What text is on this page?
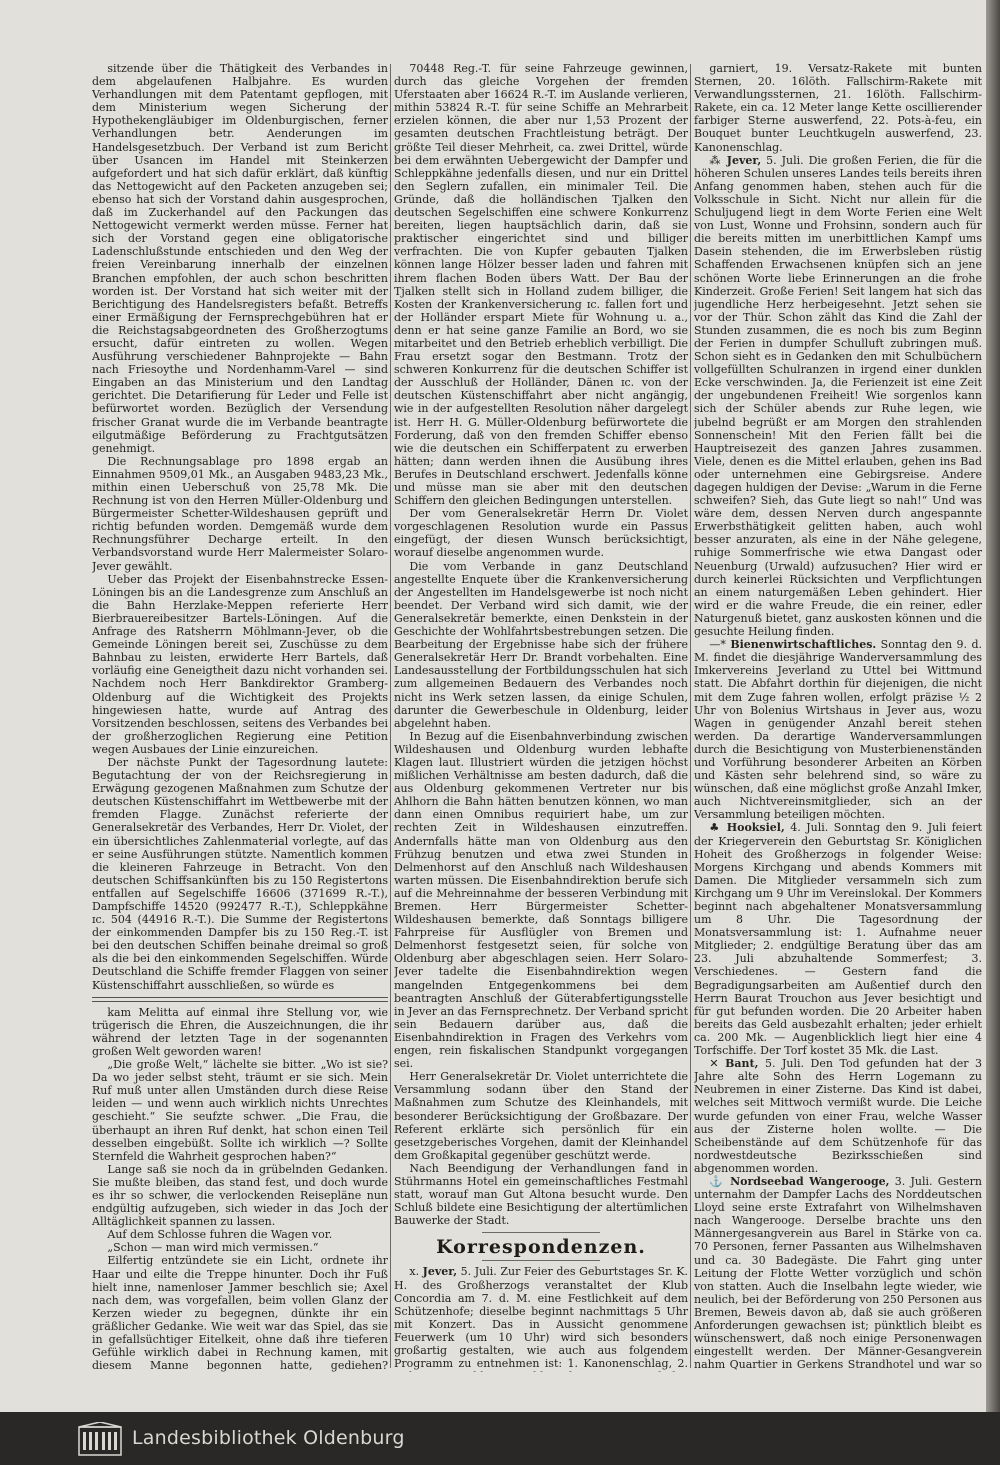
sitzende über die Thätigkeit des Verbandes in dem abgelaufenen Halbjahre. Es wurden Verhandlungen mit dem Patentamt gepflogen, mit dem Ministerium wegen Sicherung der Hypothekengläubiger im Oldenburgischen, ferner Verhandlungen betr. Aenderungen im Handelsgesetzbuch. Der Verband ist zum Bericht über Usancen im Handel mit Steinkerzen aufgefordert und hat sich dafür erklärt, daß künftig das Nettogewicht auf den Packeten anzugeben sei; ebenso hat sich der Vorstand dahin ausgesprochen, daß im Zuckerhandel auf den Packungen das Nettogewicht vermerkt werden müsse. Ferner hat sich der Vorstand gegen eine obligatorische Ladenschlußstunde entschieden und den Weg der freien Vereinbarung innerhalb der einzelnen Branchen empfohlen, der auch schon beschritten worden ist. Der Vorstand hat sich weiter mit der Berichtigung des Handelsregisters befaßt. Betreffs einer Ermäßigung der Fernsprechgebühren hat er die Reichstagsabgeordneten des Großherzogtums ersucht, dafür eintreten zu wollen. Wegen Ausführung verschiedener Bahnprojekte — Bahn nach Friesoythe und Nordenhamm-Varel — sind Eingaben an das Ministerium und den Landtag gerichtet. Die Detarifierung für Leder und Felle ist befürwortet worden. Bezüglich der Versendung frischer Granat wurde die im Verbande beantragte eilgutmäßige Beförderung zu Frachtgutsätzen genehmigt.

Die Rechnungsablage pro 1898 ergab an Einnahmen 9509,01 Mk., an Ausgaben 9483,23 Mk., mithin einen Ueberschuß von 25,78 Mk. Die Rechnung ist von den Herren Müller-Oldenburg und Bürgermeister Schetter-Wildeshausen geprüft und richtig befunden worden. Demgemäß wurde dem Rechnungsführer Decharge erteilt. In den Verbandsvorstand wurde Herr Malermeister Solaro-Jever gewählt.

Ueber das Projekt der Eisenbahnstrecke Essen-Löningen bis an die Landesgrenze zum Anschluß an die Bahn Herzlake-Meppen referierte Herr Bierbrauereibesitzer Bartels-Löningen. Auf die Anfrage des Ratsherrn Möhlmann-Jever, ob die Gemeinde Löningen bereit sei, Zuschüsse zu dem Bahnbau zu leisten, erwiderte Herr Bartels, daß vorläufig eine Geneigtheit dazu nicht vorhanden sei. Nachdem noch Herr Bankdirektor Gramberg-Oldenburg auf die Wichtigkeit des Projekts hingewiesen hatte, wurde auf Antrag des Vorsitzenden beschlossen, seitens des Verbandes bei der großherzoglichen Regierung eine Petition wegen Ausbaues der Linie einzureichen.

Der nächste Punkt der Tagesordnung lautete: Begutachtung der von der Reichsregierung in Erwägung gezogenen Maßnahmen zum Schutze der deutschen Küstenschiffahrt im Wettbewerbe mit der fremden Flagge. Zunächst referierte der Generalsekretär des Verbandes, Herr Dr. Violet, der ein übersichtliches Zahlenmaterial vorlegte, auf das er seine Ausführungen stützte. Namentlich kommen die kleineren Fahrzeuge in Betracht. Von den deutschen Schiffsankünften bis zu 150 Registertons entfallen auf Segelschiffe 16606 (371699 R.-T.), Dampfschiffe 14520 (992477 R.-T.), Schleppkähne ɪc. 504 (44916 R.-T.). Die Summe der Registertons der einkommenden Dampfer bis zu 150 Reg.-T. ist bei den deutschen Schiffen beinahe dreimal so groß als die bei den einkommenden Segelschiffen. Würde Deutschland die Schiffe fremder Flaggen von seiner Küstenschiffahrt ausschließen, so würde es

kam Melitta auf einmal ihre Stellung vor, wie trügerisch die Ehren, die Auszeichnungen, die ihr während der letzten Tage in der sogenannten großen Welt geworden waren!

„Die große Welt,“ lächelte sie bitter. „Wo ist sie? Da wo jeder selbst steht, träumt er sie sich. Mein Ruf muß unter allen Umständen durch diese Reise leiden — und wenn auch wirklich nichts Unrechtes geschieht.“ Sie seufzte schwer. „Die Frau, die überhaupt an ihren Ruf denkt, hat schon einen Teil desselben eingebüßt. Sollte ich wirklich —? Sollte Sternfeld die Wahrheit gesprochen haben?“

Lange saß sie noch da in grübelnden Gedanken. Sie mußte bleiben, das stand fest, und doch wurde es ihr so schwer, die verlockenden Reisepläne nun endgültig aufzugeben, sich wieder in das Joch der Alltäglichkeit spannen zu lassen.

Auf dem Schlosse fuhren die Wagen vor.

„Schon — man wird mich vermissen.“

Eilfertig entzündete sie ein Licht, ordnete ihr Haar und eilte die Treppe hinunter. Doch ihr Fuß hielt inne, namenloser Jammer beschlich sie; Axel nach dem, was vorgefallen, beim vollen Glanz der Kerzen wieder zu begegnen, dünkte ihr ein gräßlicher Gedanke. Wie weit war das Spiel, das sie in gefallsüchtiger Eitelkeit, ohne daß ihre tieferen Gefühle wirklich dabei in Rechnung kamen, mit diesem Manne begonnen hatte, gediehen?

70448 Reg.-T. für seine Fahrzeuge gewinnen, durch das gleiche Vorgehen der fremden Uferstaaten aber 16624 R.-T. im Auslande verlieren, mithin 53824 R.-T. für seine Schiffe an Mehrarbeit erzielen können, die aber nur 1,53 Prozent der gesamten deutschen Frachtleistung beträgt. Der größte Teil dieser Mehrheit, ca. zwei Drittel, würde bei dem erwähnten Uebergewicht der Dampfer und Schleppkähne jedenfalls diesen, und nur ein Drittel den Seglern zufallen, ein minimaler Teil. Die Gründe, daß die holländischen Tjalken den deutschen Segelschiffen eine schwere Konkurrenz bereiten, liegen hauptsächlich darin, daß sie praktischer eingerichtet sind und billiger verfrachten. Die von Kupfer gebauten Tjalken können lange Hölzer besser laden und fahren mit ihrem flachen Boden übers Watt. Der Bau der Tjalken stellt sich in Holland zudem billiger, die Kosten der Krankenversicherung ɪc. fallen fort und der Holländer erspart Miete für Wohnung u. a., denn er hat seine ganze Familie an Bord, wo sie mitarbeitet und den Betrieb erheblich verbilligt. Die Frau ersetzt sogar den Bestmann. Trotz der schweren Konkurrenz für die deutschen Schiffer ist der Ausschluß der Holländer, Dänen ɪc. von der deutschen Küstenschiffahrt aber nicht angängig, wie in der aufgestellten Resolution näher dargelegt ist. Herr H. G. Müller-Oldenburg befürwortete die Forderung, daß von den fremden Schiffer ebenso wie die deutschen ein Schifferpatent zu erwerben hätten; dann werden ihnen die Ausübung ihres Berufes in Deutschland erschwert. Jedenfalls könne und müsse man sie aber mit den deutschen Schiffern den gleichen Bedingungen unterstellen.

Der vom Generalsekretär Herrn Dr. Violet vorgeschlagenen Resolution wurde ein Passus eingefügt, der diesen Wunsch berücksichtigt, worauf dieselbe angenommen wurde.

Die vom Verbande in ganz Deutschland angestellte Enquete über die Krankenversicherung der Angestellten im Handelsgewerbe ist noch nicht beendet. Der Verband wird sich damit, wie der Generalsekretär bemerkte, einen Denkstein in der Geschichte der Wohlfahrtsbestrebungen setzen. Die Bearbeitung der Ergebnisse habe sich der frühere Generalsekretär Herr Dr. Brandt vorbehalten. Eine Landesausstellung der Fortbildungsschulen hat sich zum allgemeinen Bedauern des Verbandes noch nicht ins Werk setzen lassen, da einige Schulen, darunter die Gewerbeschule in Oldenburg, leider abgelehnt haben.

In Bezug auf die Eisenbahnverbindung zwischen Wildeshausen und Oldenburg wurden lebhafte Klagen laut. Illustriert würden die jetzigen höchst mißlichen Verhältnisse am besten dadurch, daß die aus Oldenburg gekommenen Vertreter nur bis Ahlhorn die Bahn hätten benutzen können, wo man dann einen Omnibus requiriert habe, um zur rechten Zeit in Wildeshausen einzutreffen. Andernfalls hätte man von Oldenburg aus den Frühzug benutzen und etwa zwei Stunden in Delmenhorst auf den Anschluß nach Wildeshausen warten müssen. Die Eisenbahndirektion berufe sich auf die Mehreinnahme der besseren Verbindung mit Bremen. Herr Bürgermeister Schetter-Wildeshausen bemerkte, daß Sonntags billigere Fahrpreise für Ausflügler von Bremen und Delmenhorst festgesetzt seien, für solche von Oldenburg aber abgeschlagen seien. Herr Solaro-Jever tadelte die Eisenbahndirektion wegen mangelnden Entgegenkommens bei dem beantragten Anschluß der Güterabfertigungsstelle in Jever an das Fernsprechnetz. Der Verband spricht sein Bedauern darüber aus, daß die Eisenbahndirektion in Fragen des Verkehrs vom engen, rein fiskalischen Standpunkt vorgegangen sei.

Herr Generalsekretär Dr. Violet unterrichtete die Versammlung sodann über den Stand der Maßnahmen zum Schutze des Kleinhandels, mit besonderer Berücksichtigung der Großbazare. Der Referent erklärte sich persönlich für ein gesetzgeberisches Vorgehen, damit der Kleinhandel dem Großkapital gegenüber geschützt werde.

Nach Beendigung der Verhandlungen fand in Stührmanns Hotel ein gemeinschaftliches Festmahl statt, worauf man Gut Altona besucht wurde. Den Schluß bildete eine Besichtigung der altertümlichen Bauwerke der Stadt.

Korrespondenzen.

x. Jever, 5. Juli. Zur Feier des Geburtstages Sr. K. H. des Großherzogs veranstaltet der Klub Concordia am 7. d. M. eine Festlichkeit auf dem Schützenhofe; dieselbe beginnt nachmittags 5 Uhr mit Konzert. Das in Aussicht genommene Feuerwerk (um 10 Uhr) wird sich besonders großartig gestalten, wie auch aus folgendem Programm zu entnehmen ist: 1. Kanonenschlag, 2.

garniert, 19. Versatz-Rakete mit bunten Sternen, 20. 16löth. Fallschirm-Rakete mit Verwandlungssternen, 21. 16löth. Fallschirm-Rakete, ein ca. 12 Meter lange Kette oscillierender farbiger Sterne auswerfend, 22. Pots-à-feu, ein Bouquet bunter Leuchtkugeln auswerfend, 23. Kanonenschlag.

⁂ Jever, 5. Juli. Die großen Ferien, die für die höheren Schulen unseres Landes teils bereits ihren Anfang genommen haben, stehen auch für die Volksschule in Sicht. Nicht nur allein für die Schuljugend liegt in dem Worte Ferien eine Welt von Lust, Wonne und Frohsinn, sondern auch für die bereits mitten im unerbittlichen Kampf ums Dasein stehenden, die im Erwerbsleben rüstig Schaffenden Erwachsenen knüpfen sich an jene schönen Worte liebe Erinnerungen an die frohe Kinderzeit. Große Ferien! Seit langem hat sich das jugendliche Herz herbeigesehnt. Jetzt sehen sie vor der Thür. Schon zählt das Kind die Zahl der Stunden zusammen, die es noch bis zum Beginn der Ferien in dumpfer Schulluft zubringen muß. Schon sieht es in Gedanken den mit Schulbüchern vollgefüllten Schulranzen in irgend einer dunklen Ecke verschwinden. Ja, die Ferienzeit ist eine Zeit der ungebundenen Freiheit! Wie sorgenlos kann sich der Schüler abends zur Ruhe legen, wie jubelnd begrüßt er am Morgen den strahlenden Sonnenschein! Mit den Ferien fällt bei die Hauptreisezeit des ganzen Jahres zusammen. Viele, denen es die Mittel erlauben, gehen ins Bad oder unternehmen eine Gebirgsreise. Andere dagegen huldigen der Devise: „Warum in die Ferne schweifen? Sieh, das Gute liegt so nah!“ Und was wäre dem, dessen Nerven durch angespannte Erwerbsthätigkeit gelitten haben, auch wohl besser anzuraten, als eine in der Nähe gelegene, ruhige Sommerfrische wie etwa Dangast oder Neuenburg (Urwald) aufzusuchen? Hier wird er durch keinerlei Rücksichten und Verpflichtungen an einem naturgemäßen Leben gehindert. Hier wird er die wahre Freude, die ein reiner, edler Naturgenuß bietet, ganz auskosten können und die gesuchte Heilung finden.

—* Bienenwirtschaftliches. Sonntag den 9. d. M. findet die diesjährige Wanderversammlung des Imkervereins Jeverland zu Uttel bei Wittmund statt. Die Abfahrt dorthin für diejenigen, die nicht mit dem Zuge fahren wollen, erfolgt präzise ½ 2 Uhr von Bolenius Wirtshaus in Jever aus, wozu Wagen in genügender Anzahl bereit stehen werden. Da derartige Wanderversammlungen durch die Besichtigung von Musterbienenständen und Vorführung besonderer Arbeiten an Körben und Kästen sehr belehrend sind, so wäre zu wünschen, daß eine möglichst große Anzahl Imker, auch Nichtvereinsmitglieder, sich an der Versammlung beteiligen möchten.

♣ Hooksiel, 4. Juli. Sonntag den 9. Juli feiert der Kriegerverein den Geburtstag Sr. Königlichen Hoheit des Großherzogs in folgender Weise: Morgens Kirchgang und abends Kommers mit Damen. Die Mitglieder versammeln sich zum Kirchgang um 9 Uhr im Vereinslokal. Der Kommers beginnt nach abgehaltener Monatsversammlung um 8 Uhr. Die Tagesordnung der Monatsversammlung ist: 1. Aufnahme neuer Mitglieder; 2. endgültige Beratung über das am 23. Juli abzuhaltende Sommerfest; 3. Verschiedenes. — Gestern fand die Begradigungsarbeiten am Außentief durch den Herrn Baurat Trouchon aus Jever besichtigt und für gut befunden worden. Die 20 Arbeiter haben bereits das Geld ausbezahlt erhalten; jeder erhielt ca. 200 Mk. — Augenblicklich liegt hier eine 4 Torfschiffe. Der Torf kostet 35 Mk. die Last.

✕ Bant, 5. Juli. Den Tod gefunden hat der 3 Jahre alte Sohn des Herrn Logemann zu Neubremen in einer Zisterne. Das Kind ist dabei, welches seit Mittwoch vermißt wurde. Die Leiche wurde gefunden von einer Frau, welche Wasser aus der Zisterne holen wollte. — Die Scheibenstände auf dem Schützenhofe für das nordwestdeutsche Bezirksschießen sind abgenommen worden.

⚓ Nordseebad Wangerooge, 3. Juli. Gestern unternahm der Dampfer Lachs des Norddeutschen Lloyd seine erste Extrafahrt von Wilhelmshaven nach Wangerooge. Derselbe brachte uns den Männergesangverein aus Barel in Stärke von ca. 70 Personen, ferner Passanten aus Wilhelmshaven und ca. 30 Badegäste. Die Fahrt ging unter Leitung der Flotte Wetter vorzüglich und schön von statten. Auch die Inselbahn legte wieder, wie neulich, bei der Beförderung von 250 Personen aus Bremen, Beweis davon ab, daß sie auch größeren Anforderungen gewachsen ist; pünktlich bleibt es wünschenswert, daß noch einige Personenwagen eingestellt werden. Der Männer-Gesangverein nahm Quartier in Gerkens Strandhotel und war so

Landesbibliothek Oldenburg
